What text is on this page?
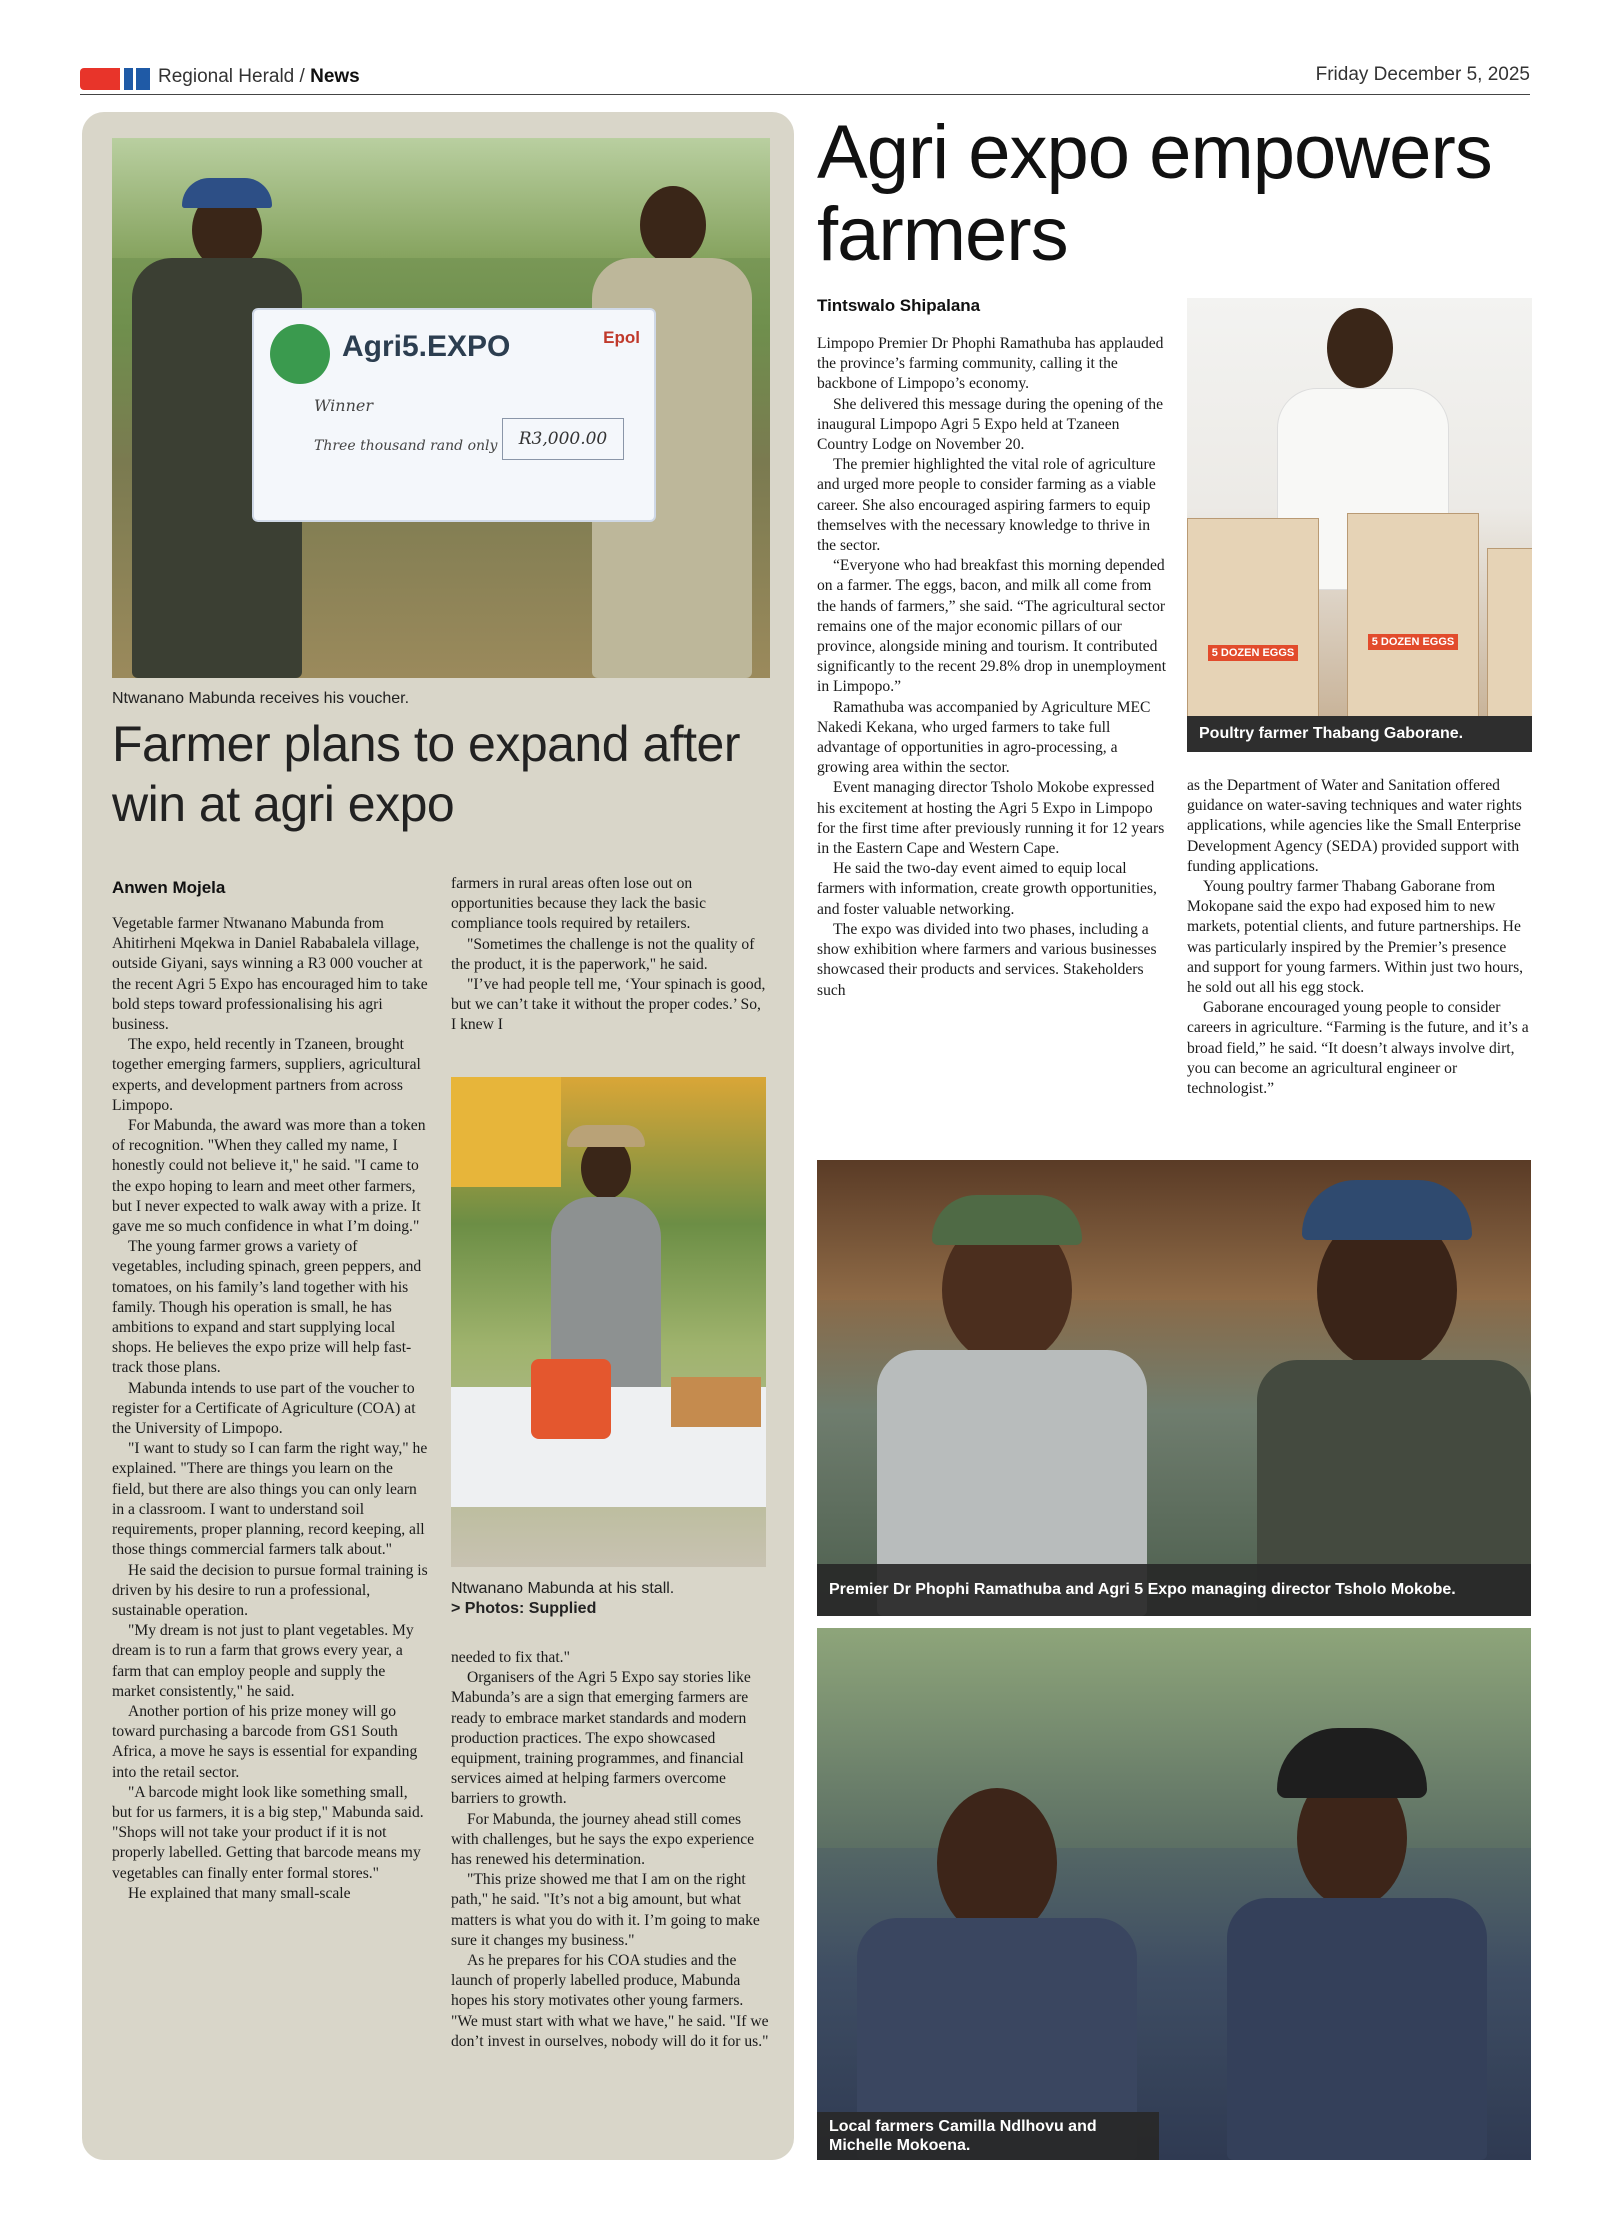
Regional Herald / News	Friday December 5, 2025
Agri5.EXPO	Epol
Winner
Three thousand rand only	R3,000.00
Ntwanano Mabunda receives his voucher.
Farmer plans to expand after win at agri expo
Anwen Mojela

Vegetable farmer Ntwanano Mabunda from Ahitirheni Mqekwa in Daniel Rababalela village, outside Giyani, says winning a R3 000 voucher at the recent Agri 5 Expo has encouraged him to take bold steps toward professionalising his agri business.

The expo, held recently in Tzaneen, brought together emerging farmers, suppliers, agricultural experts, and development partners from across Limpopo.

For Mabunda, the award was more than a token of recognition. "When they called my name, I honestly could not believe it," he said. "I came to the expo hoping to learn and meet other farmers, but I never expected to walk away with a prize. It gave me so much confidence in what I’m doing."

The young farmer grows a variety of vegetables, including spinach, green peppers, and tomatoes, on his family’s land together with his family. Though his operation is small, he has ambitions to expand and start supplying local shops. He believes the expo prize will help fast-track those plans.

Mabunda intends to use part of the voucher to register for a Certificate of Agriculture (COA) at the University of Limpopo.

"I want to study so I can farm the right way," he explained. "There are things you learn on the field, but there are also things you can only learn in a classroom. I want to understand soil requirements, proper planning, record keeping, all those things commercial farmers talk about."

He said the decision to pursue formal training is driven by his desire to run a professional, sustainable operation.

"My dream is not just to plant vegetables. My dream is to run a farm that grows every year, a farm that can employ people and supply the market consistently," he said.

Another portion of his prize money will go toward purchasing a barcode from GS1 South Africa, a move he says is essential for expanding into the retail sector.

"A barcode might look like something small, but for us farmers, it is a big step," Mabunda said. "Shops will not take your product if it is not properly labelled. Getting that barcode means my vegetables can finally enter formal stores."

He explained that many small-scale

farmers in rural areas often lose out on opportunities because they lack the basic compliance tools required by retailers.

"Sometimes the challenge is not the quality of the product, it is the paperwork," he said.

"I’ve had people tell me, ‘Your spinach is good, but we can’t take it without the proper codes.’ So, I knew I

Ntwanano Mabunda at his stall.
> Photos: Supplied

needed to fix that."

Organisers of the Agri 5 Expo say stories like Mabunda’s are a sign that emerging farmers are ready to embrace market standards and modern production practices. The expo showcased equipment, training programmes, and financial services aimed at helping farmers overcome barriers to growth.

For Mabunda, the journey ahead still comes with challenges, but he says the expo experience has renewed his determination.

"This prize showed me that I am on the right path," he said. "It’s not a big amount, but what matters is what you do with it. I’m going to make sure it changes my business."

As he prepares for his COA studies and the launch of properly labelled produce, Mabunda hopes his story motivates other young farmers. "We must start with what we have," he said. "If we don’t invest in ourselves, nobody will do it for us."

Agri expo empowers farmers
Tintswalo Shipalana

Limpopo Premier Dr Phophi Ramathuba has applauded the province’s farming community, calling it the backbone of Limpopo’s economy.

She delivered this message during the opening of the inaugural Limpopo Agri 5 Expo held at Tzaneen Country Lodge on November 20.

The premier highlighted the vital role of agriculture and urged more people to consider farming as a viable career. She also encouraged aspiring farmers to equip themselves with the necessary knowledge to thrive in the sector.

“Everyone who had breakfast this morning depended on a farmer. The eggs, bacon, and milk all come from the hands of farmers,” she said. “The agricultural sector remains one of the major economic pillars of our province, alongside mining and tourism. It contributed significantly to the recent 29.8% drop in unemployment in Limpopo.”

Ramathuba was accompanied by Agriculture MEC Nakedi Kekana, who urged farmers to take full advantage of opportunities in agro-processing, a growing area within the sector.

Event managing director Tsholo Mokobe expressed his excitement at hosting the Agri 5 Expo in Limpopo for the first time after previously running it for 12 years in the Eastern Cape and Western Cape.

He said the two-day event aimed to equip local farmers with information, create growth opportunities, and foster valuable networking.

The expo was divided into two phases, including a show exhibition where farmers and various businesses showcased their products and services. Stakeholders such

5 DOZEN EGGS
5 DOZEN EGGS
Poultry farmer Thabang Gaborane.

as the Department of Water and Sanitation offered guidance on water-saving techniques and water rights applications, while agencies like the Small Enterprise Development Agency (SEDA) provided support with funding applications.

Young poultry farmer Thabang Gaborane from Mokopane said the expo had exposed him to new markets, potential clients, and future partnerships. He was particularly inspired by the Premier’s presence and support for young farmers. Within just two hours, he sold out all his egg stock.

Gaborane encouraged young people to consider careers in agriculture. “Farming is the future, and it’s a broad field,” he said. “It doesn’t always involve dirt, you can become an agricultural engineer or technologist.”

Premier Dr Phophi Ramathuba and Agri 5 Expo managing director Tsholo Mokobe.
Local farmers Camilla Ndlhovu and
Michelle Mokoena.
